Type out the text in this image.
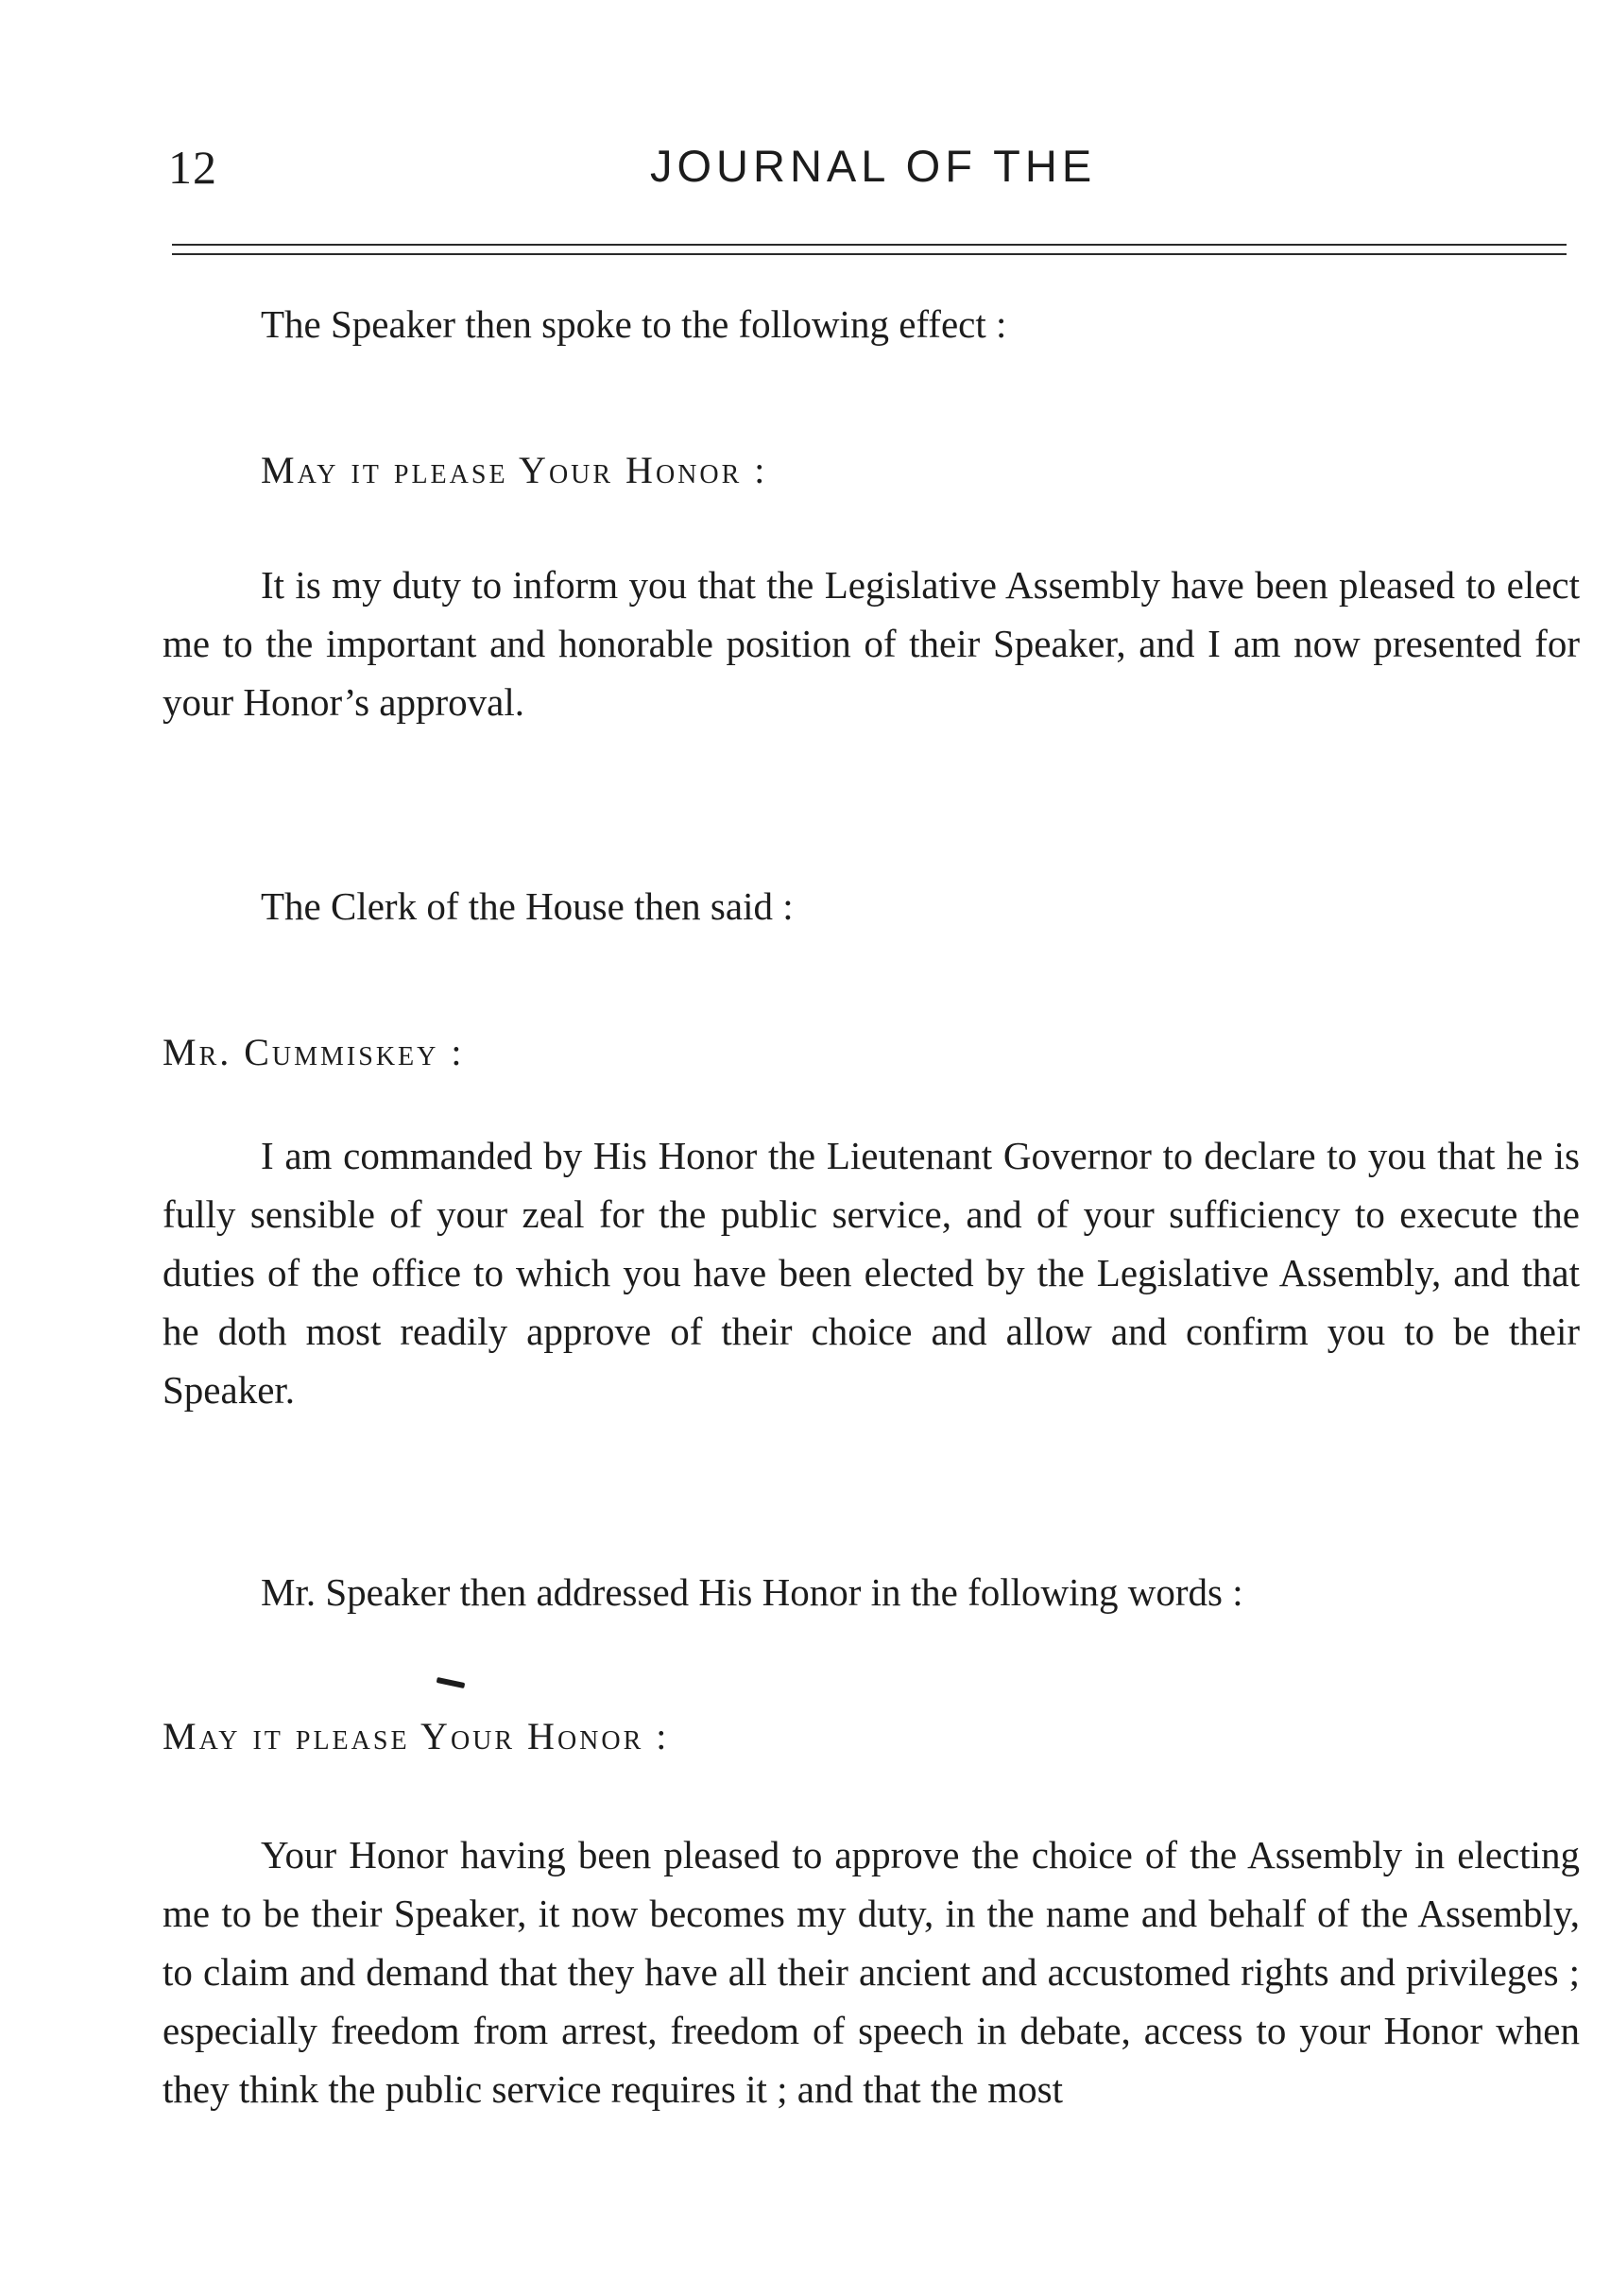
12	JOURNAL OF THE

The Speaker then spoke to the following effect :

May it please Your Honor :

It is my duty to inform you that the Legislative Assembly have been pleased to elect me to the important and honorable position of their Speaker, and I am now presented for your Honor’s approval.

The Clerk of the House then said :

Mr. Cummiskey :

I am commanded by His Honor the Lieutenant Governor to declare to you that he is fully sensible of your zeal for the public service, and of your sufficiency to execute the duties of the office to which you have been elected by the Legislative Assembly, and that he doth most readily approve of their choice and allow and confirm you to be their Speaker.

Mr. Speaker then addressed His Honor in the following words :

May it please Your Honor :

Your Honor having been pleased to approve the choice of the Assembly in electing me to be their Speaker, it now becomes my duty, in the name and behalf of the Assembly, to claim and demand that they have all their ancient and accustomed rights and privileges ; especially freedom from arrest, freedom of speech in debate, access to your Honor when they think the public service requires it ; and that the most
